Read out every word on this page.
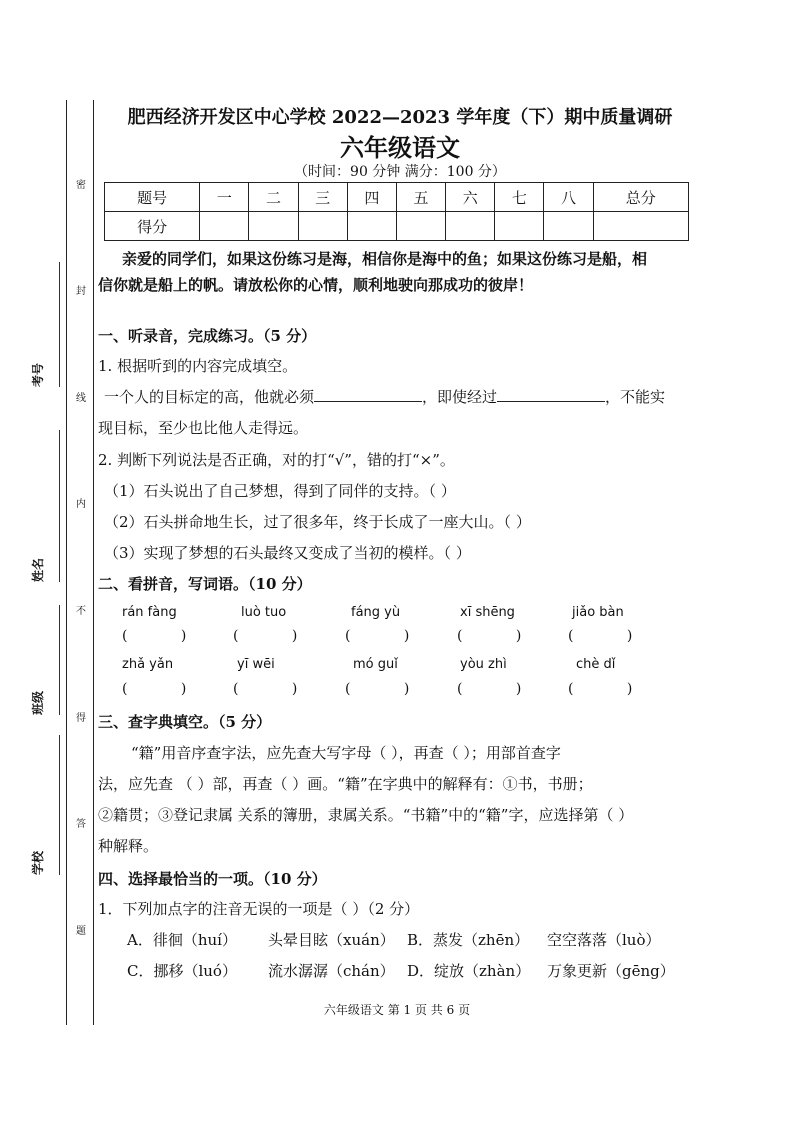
密
封
线
内
不
得
答
题
考号
姓名
班级
学校
肥西经济开发区中心学校 2022—2023 学年度（下）期中质量调研
六年级语文
（时间：90 分钟 满分：100 分）
题号	一	二	三	四	五	六	七	八	总分
得分									
亲爱的同学们，如果这份练习是海，相信你是海中的鱼；如果这份练习是船，相
信你就是船上的帆。请放松你的心情，顺利地驶向那成功的彼岸！
一、听录音，完成练习。（5 分）
1. 根据听到的内容完成填空。
一个人的目标定的高，他就必须	，即使经过	，不能实
现目标，至少也比他人走得远。
2. 判断下列说法是否正确，对的打“√”，错的打“×”。
（1）石头说出了自己梦想，得到了同伴的支持。（ ）
（2）石头拼命地生长，过了很多年，终于长成了一座大山。（ ）
（3）实现了梦想的石头最终又变成了当初的模样。（ ）
二、看拼音，写词语。（10 分）
rán fàng	luò tuo	fáng yù	xī shēng	jiǎo bàn
(            )	(            )	(            )	(            )	(            )
zhǎ yǎn	yī wēi	mó guǐ	yòu zhì	chè dǐ
(            )	(            )	(            )	(            )	(            )
三、查字典填空。（5 分）
“籍”用音序查字法，应先查大写字母（ ），再查（ ）；用部首查字
法，应先查 （ ）部，再查（ ）画。“籍”在字典中的解释有：①书，书册；
②籍贯；③登记隶属 关系的簿册，隶属关系。“书籍”中的“籍”字，应选择第（ ）
种解释。
四、选择最恰当的一项。（10 分）
1．下列加点字的注音无误的一项是（ ）（2 分）
A．徘徊（huí）	头晕目眩（xuán） B．蒸发（zhēn）	空空落落（luò）
C．挪移（luó）	流水潺潺（chán） D．绽放（zhàn）	万象更新（gēng）
六年级语文 第 1 页 共 6 页
